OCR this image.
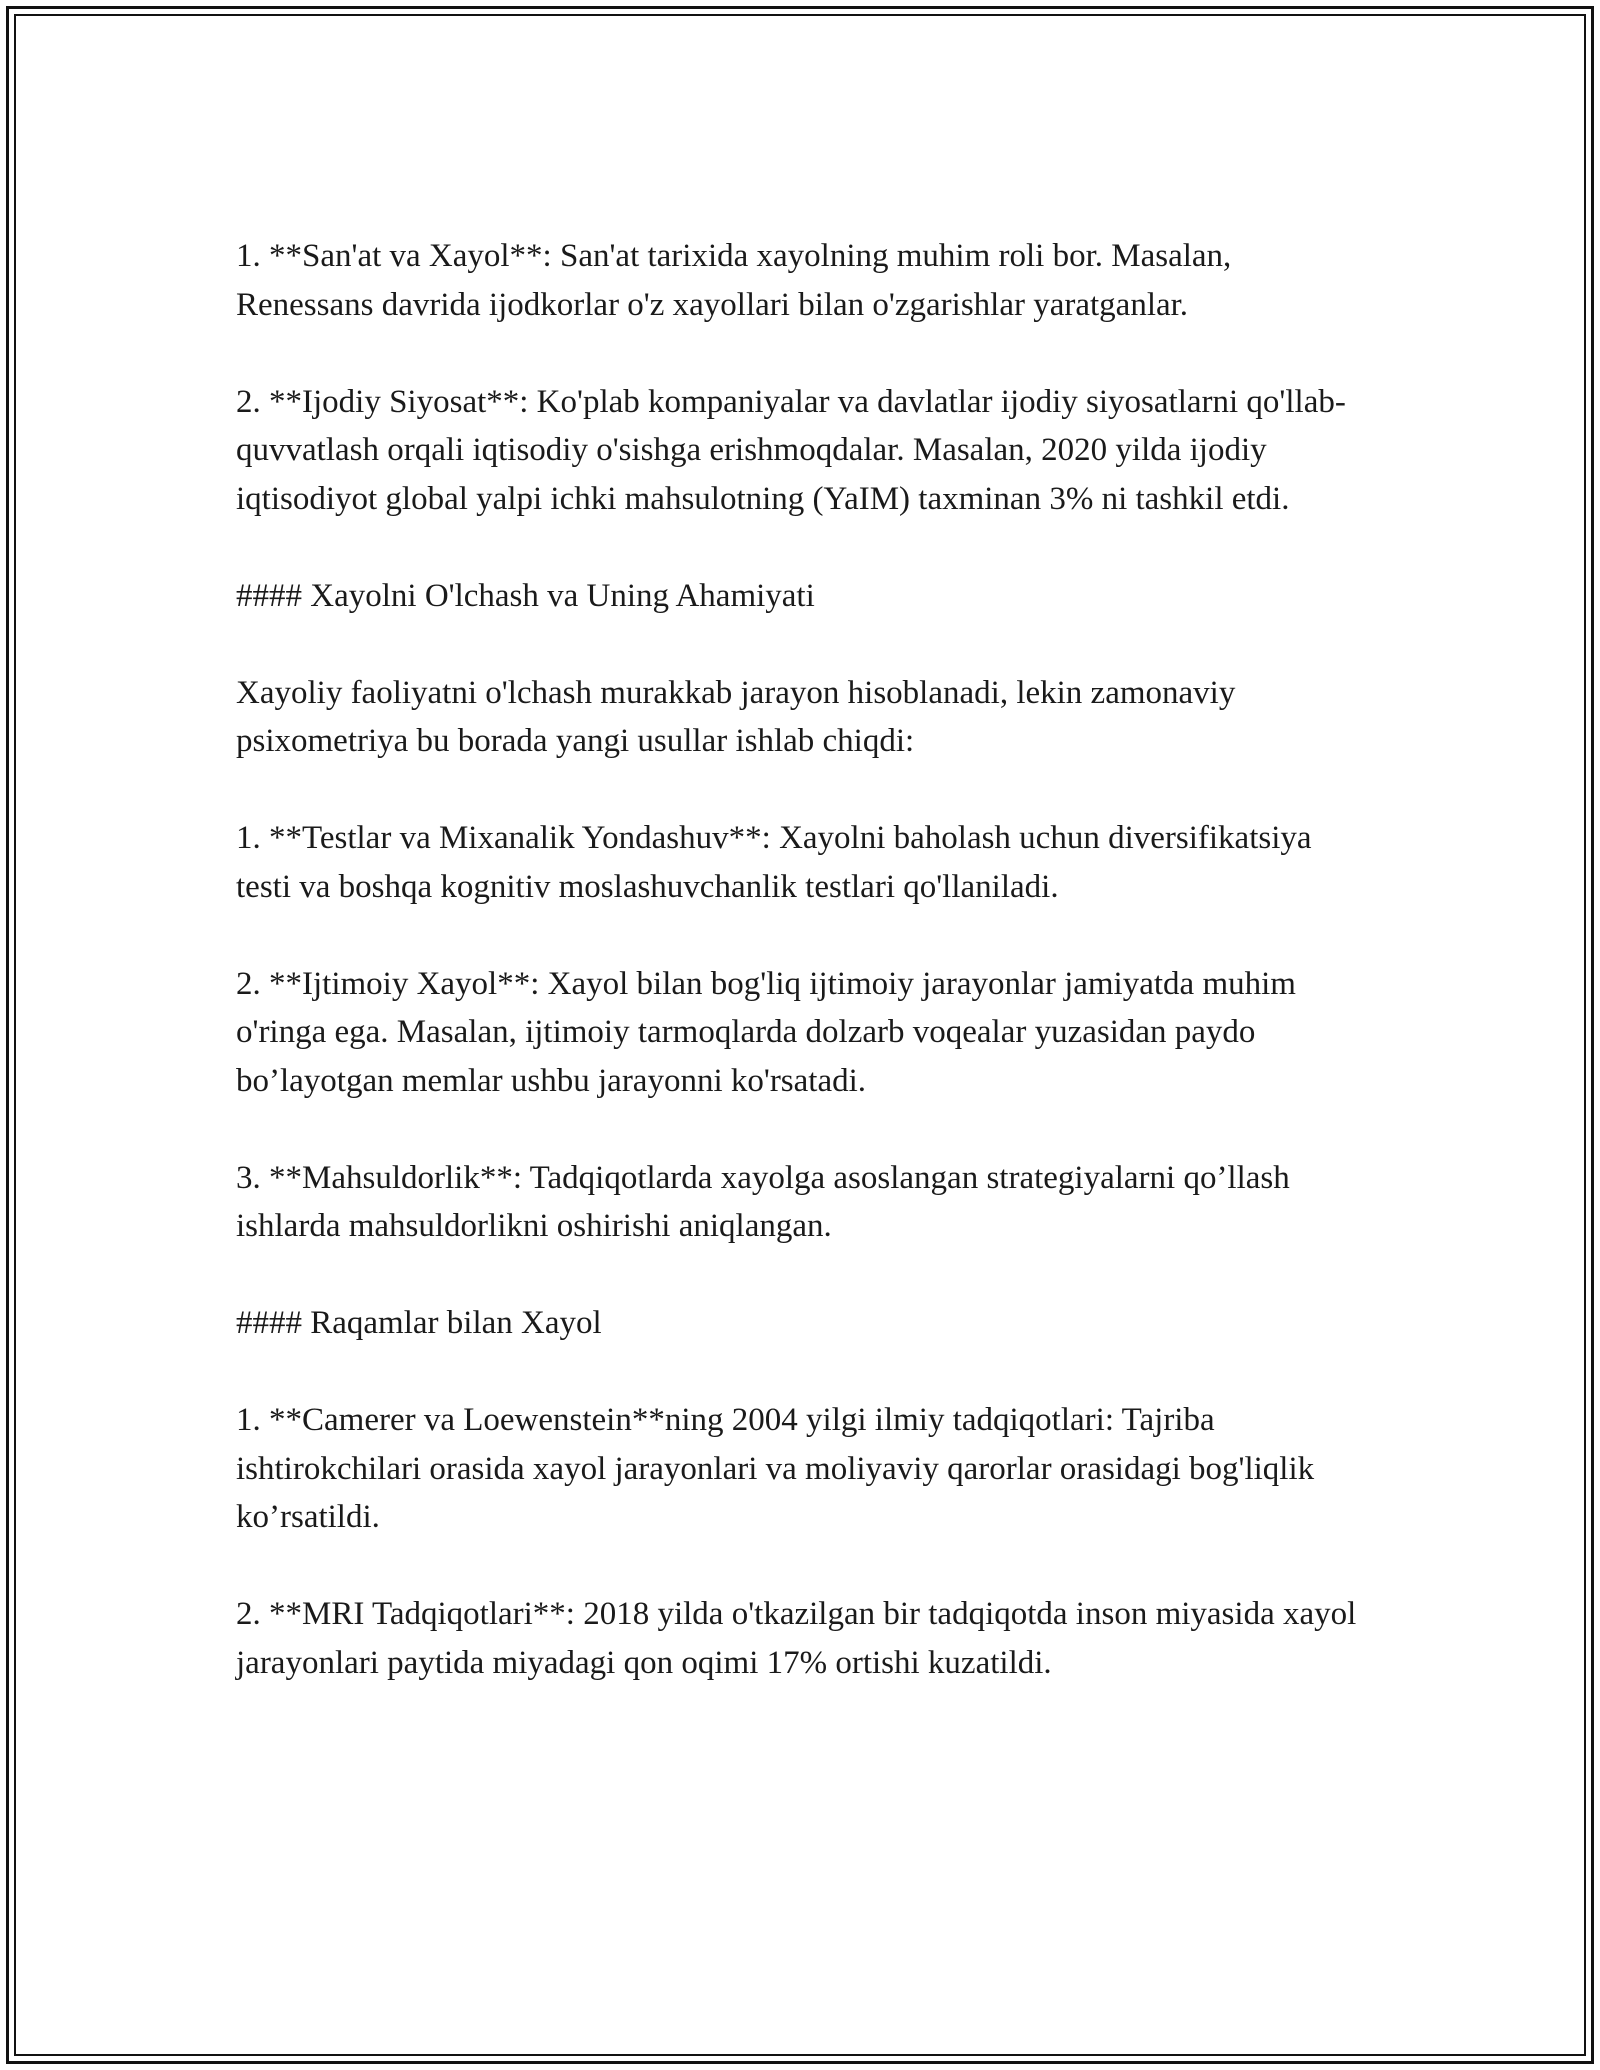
1. **San'at va Xayol**: San'at tarixida xayolning muhim roli bor. Masalan, Renessans davrida ijodkorlar o'z xayollari bilan o'zgarishlar yaratganlar.

2. **Ijodiy Siyosat**: Ko'plab kompaniyalar va davlatlar ijodiy siyosatlarni qo'llab-quvvatlash orqali iqtisodiy o'sishga erishmoqdalar. Masalan, 2020 yilda ijodiy iqtisodiyot global yalpi ichki mahsulotning (YaIM) taxminan 3% ni tashkil etdi.

#### Xayolni O'lchash va Uning Ahamiyati

Xayoliy faoliyatni o'lchash murakkab jarayon hisoblanadi, lekin zamonaviy psixometriya bu borada yangi usullar ishlab chiqdi:

1. **Testlar va Mixanalik Yondashuv**: Xayolni baholash uchun diversifikatsiya testi va boshqa kognitiv moslashuvchanlik testlari qo'llaniladi.

2. **Ijtimoiy Xayol**: Xayol bilan bog'liq ijtimoiy jarayonlar jamiyatda muhim o'ringa ega. Masalan, ijtimoiy tarmoqlarda dolzarb voqealar yuzasidan paydo bo’layotgan memlar ushbu jarayonni ko'rsatadi.

3. **Mahsuldorlik**: Tadqiqotlarda xayolga asoslangan strategiyalarni qo’llash ishlarda mahsuldorlikni oshirishi aniqlangan.

#### Raqamlar bilan Xayol

1. **Camerer va Loewenstein**ning 2004 yilgi ilmiy tadqiqotlari: Tajriba ishtirokchilari orasida xayol jarayonlari va moliyaviy qarorlar orasidagi bog'liqlik ko’rsatildi.

2. **MRI Tadqiqotlari**: 2018 yilda o'tkazilgan bir tadqiqotda inson miyasida xayol jarayonlari paytida miyadagi qon oqimi 17% ortishi kuzatildi.
